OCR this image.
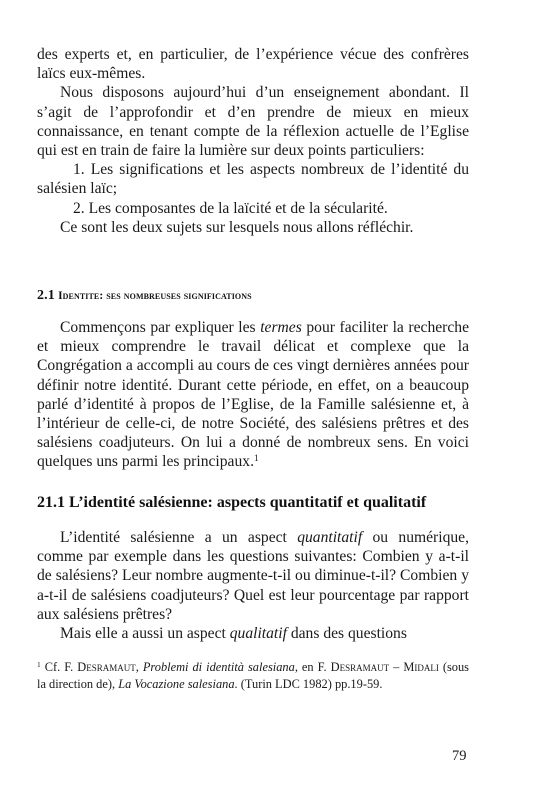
des experts et, en particulier, de l’expérience vécue des confrères laïcs eux-mêmes.

Nous disposons aujourd’hui d’un enseignement abondant. Il s’agit de l’approfondir et d’en prendre de mieux en mieux connaissance, en tenant compte de la réflexion actuelle de l’Eglise qui est en train de faire la lumière sur deux points particuliers:

1. Les significations et les aspects nombreux de l’identité du salésien laïc;

2. Les composantes de la laïcité et de la sécularité.

Ce sont les deux sujets sur lesquels nous allons réfléchir.

2.1 Identite: ses nombreuses significations

Commençons par expliquer les termes pour faciliter la recherche et mieux comprendre le travail délicat et complexe que la Congrégation a accompli au cours de ces vingt dernières années pour définir notre identité. Durant cette période, en effet, on a beaucoup parlé d’identité à propos de l’Eglise, de la Famille salésienne et, à l’intérieur de celle-ci, de notre Société, des salésiens prêtres et des salésiens coadjuteurs. On lui a donné de nombreux sens. En voici quelques uns parmi les principaux.$^1$

21.1 L’identité salésienne: aspects quantitatif et qualitatif

L’identité salésienne a un aspect quantitatif ou numérique, comme par exemple dans les questions suivantes: Combien y a-t-il de salésiens? Leur nombre augmente-t-il ou diminue-t-il? Combien y a-t-il de salésiens coadjuteurs? Quel est leur pourcentage par rapport aux salésiens prêtres?

Mais elle a aussi un aspect qualitatif dans des questions

$^1$ Cf. F. Desramaut, Problemi di identità salesiana, en F. Desramaut – Midali (sous la direction de), La Vocazione salesiana. (Turin LDC 1982) pp.19-59.

79
